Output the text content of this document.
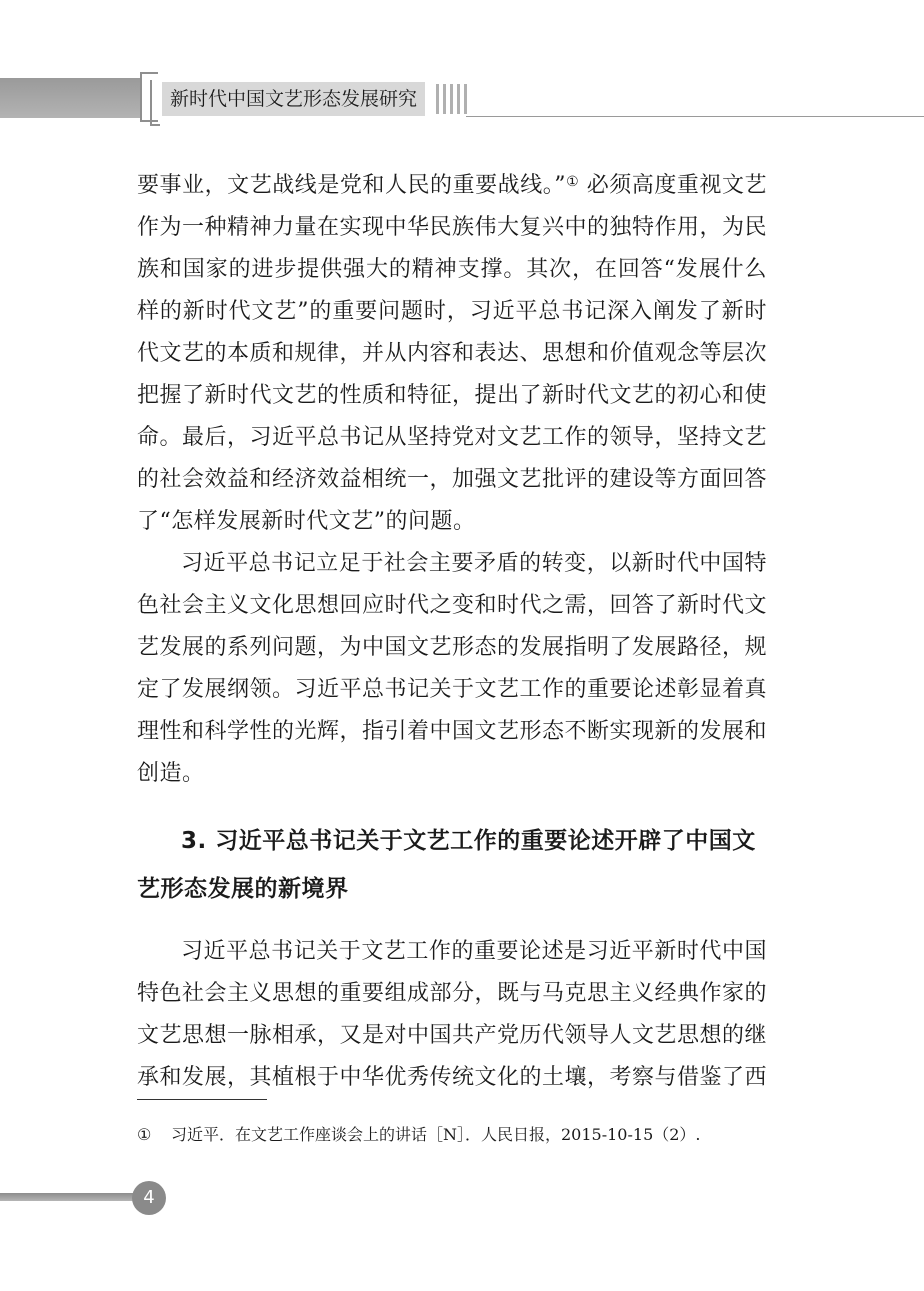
新时代中国文艺形态发展研究

要事业，文艺战线是党和人民的重要战线。”① 必须高度重视文艺作为一种精神力量在实现中华民族伟大复兴中的独特作用，为民族和国家的进步提供强大的精神支撑。其次，在回答“发展什么样的新时代文艺”的重要问题时，习近平总书记深入阐发了新时代文艺的本质和规律，并从内容和表达、思想和价值观念等层次把握了新时代文艺的性质和特征，提出了新时代文艺的初心和使命。最后，习近平总书记从坚持党对文艺工作的领导，坚持文艺的社会效益和经济效益相统一，加强文艺批评的建设等方面回答了“怎样发展新时代文艺”的问题。

习近平总书记立足于社会主要矛盾的转变，以新时代中国特色社会主义文化思想回应时代之变和时代之需，回答了新时代文艺发展的系列问题，为中国文艺形态的发展指明了发展路径，规定了发展纲领。习近平总书记关于文艺工作的重要论述彰显着真理性和科学性的光辉，指引着中国文艺形态不断实现新的发展和创造。

3. 习近平总书记关于文艺工作的重要论述开辟了中国文艺形态发展的新境界

习近平总书记关于文艺工作的重要论述是习近平新时代中国特色社会主义思想的重要组成部分，既与马克思主义经典作家的文艺思想一脉相承，又是对中国共产党历代领导人文艺思想的继承和发展，其植根于中华优秀传统文化的土壤，考察与借鉴了西

① 习近平．在文艺工作座谈会上的讲话［N］．人民日报，2015-10-15（2）.
4
